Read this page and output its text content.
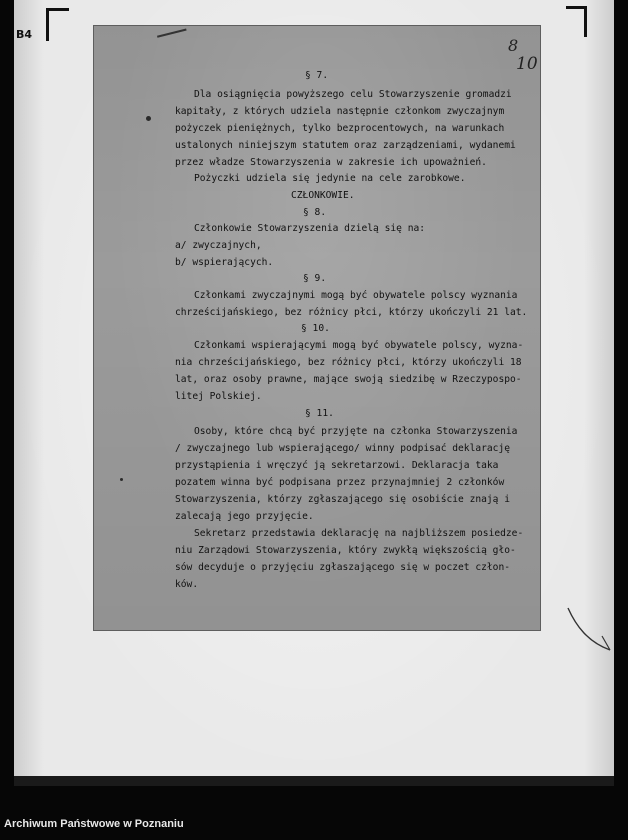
B4
8
10
§ 7.
Dla osiągnięcia powyższego celu Stowarzyszenie gromadzi
kapitały, z których udziela następnie członkom zwyczajnym
pożyczek pieniężnych, tylko bezprocentowych, na warunkach
ustalonych niniejszym statutem oraz zarządzeniami, wydanemi
przez władze Stowarzyszenia w zakresie ich upoważnień.
Pożyczki udziela się jedynie na cele zarobkowe.
CZŁONKOWIE.
§ 8.
Członkowie Stowarzyszenia dzielą się na:
a/ zwyczajnych,
b/ wspierających.
§ 9.
Członkami zwyczajnymi mogą być obywatele polscy wyznania
chrześcijańskiego, bez różnicy płci, którzy ukończyli 21 lat.
§ 10.
Członkami wspierającymi mogą być obywatele polscy, wyzna-
nia chrześcijańskiego, bez różnicy płci, którzy ukończyli 18
lat, oraz osoby prawne, mające swoją siedzibę w Rzeczypospo-
litej Polskiej.
§ 11.
Osoby, które chcą być przyjęte na członka Stowarzyszenia
/ zwyczajnego lub wspierającego/ winny podpisać deklarację
przystąpienia i wręczyć ją sekretarzowi. Deklaracja taka
pozatem winna być podpisana przez przynajmniej 2 członków
Stowarzyszenia, którzy zgłaszającego się osobiście znają i
zalecają jego przyjęcie.
Sekretarz przedstawia deklarację na najbliższem posiedze-
niu Zarządowi Stowarzyszenia, który zwykłą większością gło-
sów decyduje o przyjęciu zgłaszającego się w poczet człon-
ków.
Archiwum Państwowe w Poznaniu
